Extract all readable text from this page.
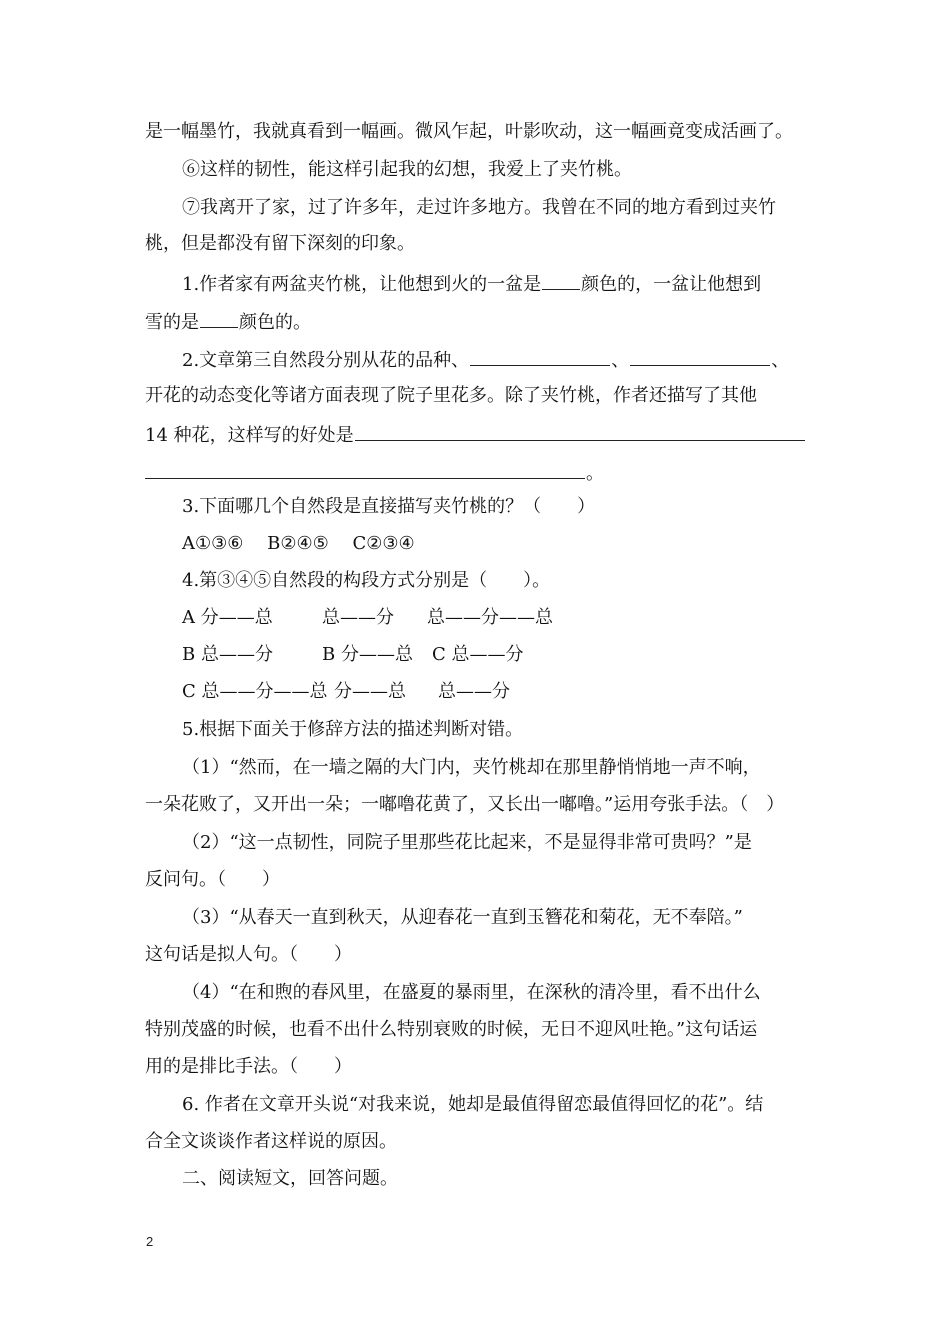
是一幅墨竹，我就真看到一幅画。微风乍起，叶影吹动，这一幅画竟变成活画了。
⑥这样的韧性，能这样引起我的幻想，我爱上了夹竹桃。
⑦我离开了家，过了许多年，走过许多地方。我曾在不同的地方看到过夹竹
桃，但是都没有留下深刻的印象。
1.作者家有两盆夹竹桃，让他想到火的一盆是 颜色的，一盆让他想到
雪的是 颜色的。
2.文章第三自然段分别从花的品种、	、	、
开花的动态变化等诸方面表现了院子里花多。除了夹竹桃，作者还描写了其他
14 种花，这样写的好处是
。
3.下面哪几个自然段是直接描写夹竹桃的？（　　）
A①③⑥　 B②④⑤　 C②③④
4.第③④⑤自然段的构段方式分别是（　　）。
A 分——总	总——分 总——分——总
B 总——分	B 分——总 C 总——分
C 总——分——总 分——总 总——分
5.根据下面关于修辞方法的描述判断对错。
（1）“然而，在一墙之隔的大门内，夹竹桃却在那里静悄悄地一声不响，
一朵花败了，又开出一朵；一嘟噜花黄了，又长出一嘟噜。”运用夸张手法。（　）
（2）“这一点韧性，同院子里那些花比起来，不是显得非常可贵吗？”是
反问句。（　　）
（3）“从春天一直到秋天，从迎春花一直到玉簪花和菊花，无不奉陪。”
这句话是拟人句。（　　）
（4）“在和煦的春风里，在盛夏的暴雨里，在深秋的清冷里，看不出什么
特别茂盛的时候，也看不出什么特别衰败的时候，无日不迎风吐艳。”这句话运
用的是排比手法。（　　）
6. 作者在文章开头说“对我来说，她却是最值得留恋最值得回忆的花”。结
合全文谈谈作者这样说的原因。
二、阅读短文，回答问题。
2
